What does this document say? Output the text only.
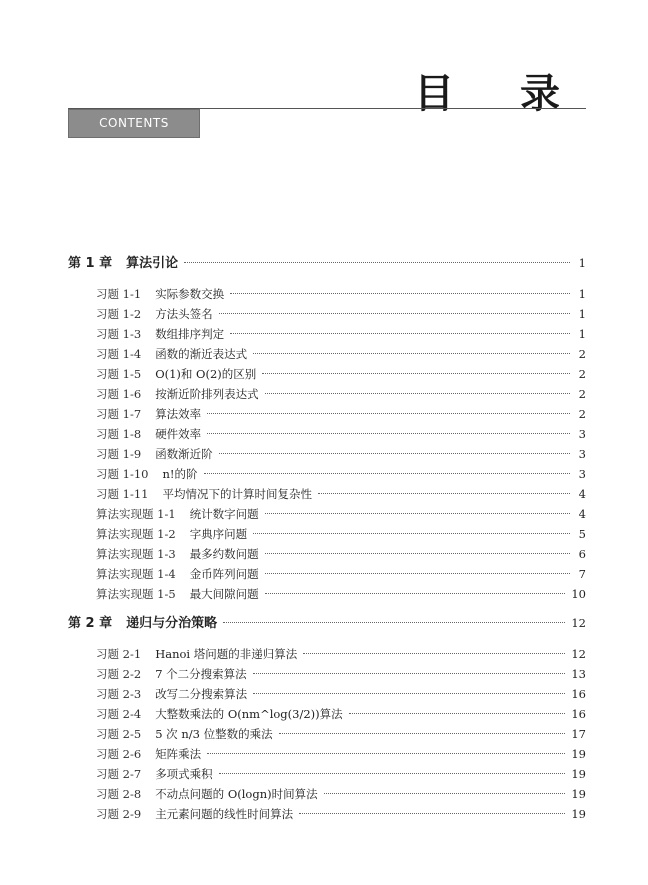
目 录
CONTENTS
第 1 章 算法引论	1
习题 1-1 实际参数交换	1
习题 1-2 方法头签名	1
习题 1-3 数组排序判定	1
习题 1-4 函数的渐近表达式	2
习题 1-5 O(1)和 O(2)的区别	2
习题 1-6 按渐近阶排列表达式	2
习题 1-7 算法效率	2
习题 1-8 硬件效率	3
习题 1-9 函数渐近阶	3
习题 1-10 n!的阶	3
习题 1-11 平均情况下的计算时间复杂性	4
算法实现题 1-1 统计数字问题	4
算法实现题 1-2 字典序问题	5
算法实现题 1-3 最多约数问题	6
算法实现题 1-4 金币阵列问题	7
算法实现题 1-5 最大间隙问题	10
第 2 章 递归与分治策略	12
习题 2-1 Hanoi 塔问题的非递归算法	12
习题 2-2 7 个二分搜索算法	13
习题 2-3 改写二分搜索算法	16
习题 2-4 大整数乘法的 O(nm^log(3/2))算法	16
习题 2-5 5 次 n/3 位整数的乘法	17
习题 2-6 矩阵乘法	19
习题 2-7 多项式乘积	19
习题 2-8 不动点问题的 O(logn)时间算法	19
习题 2-9 主元素问题的线性时间算法	19
